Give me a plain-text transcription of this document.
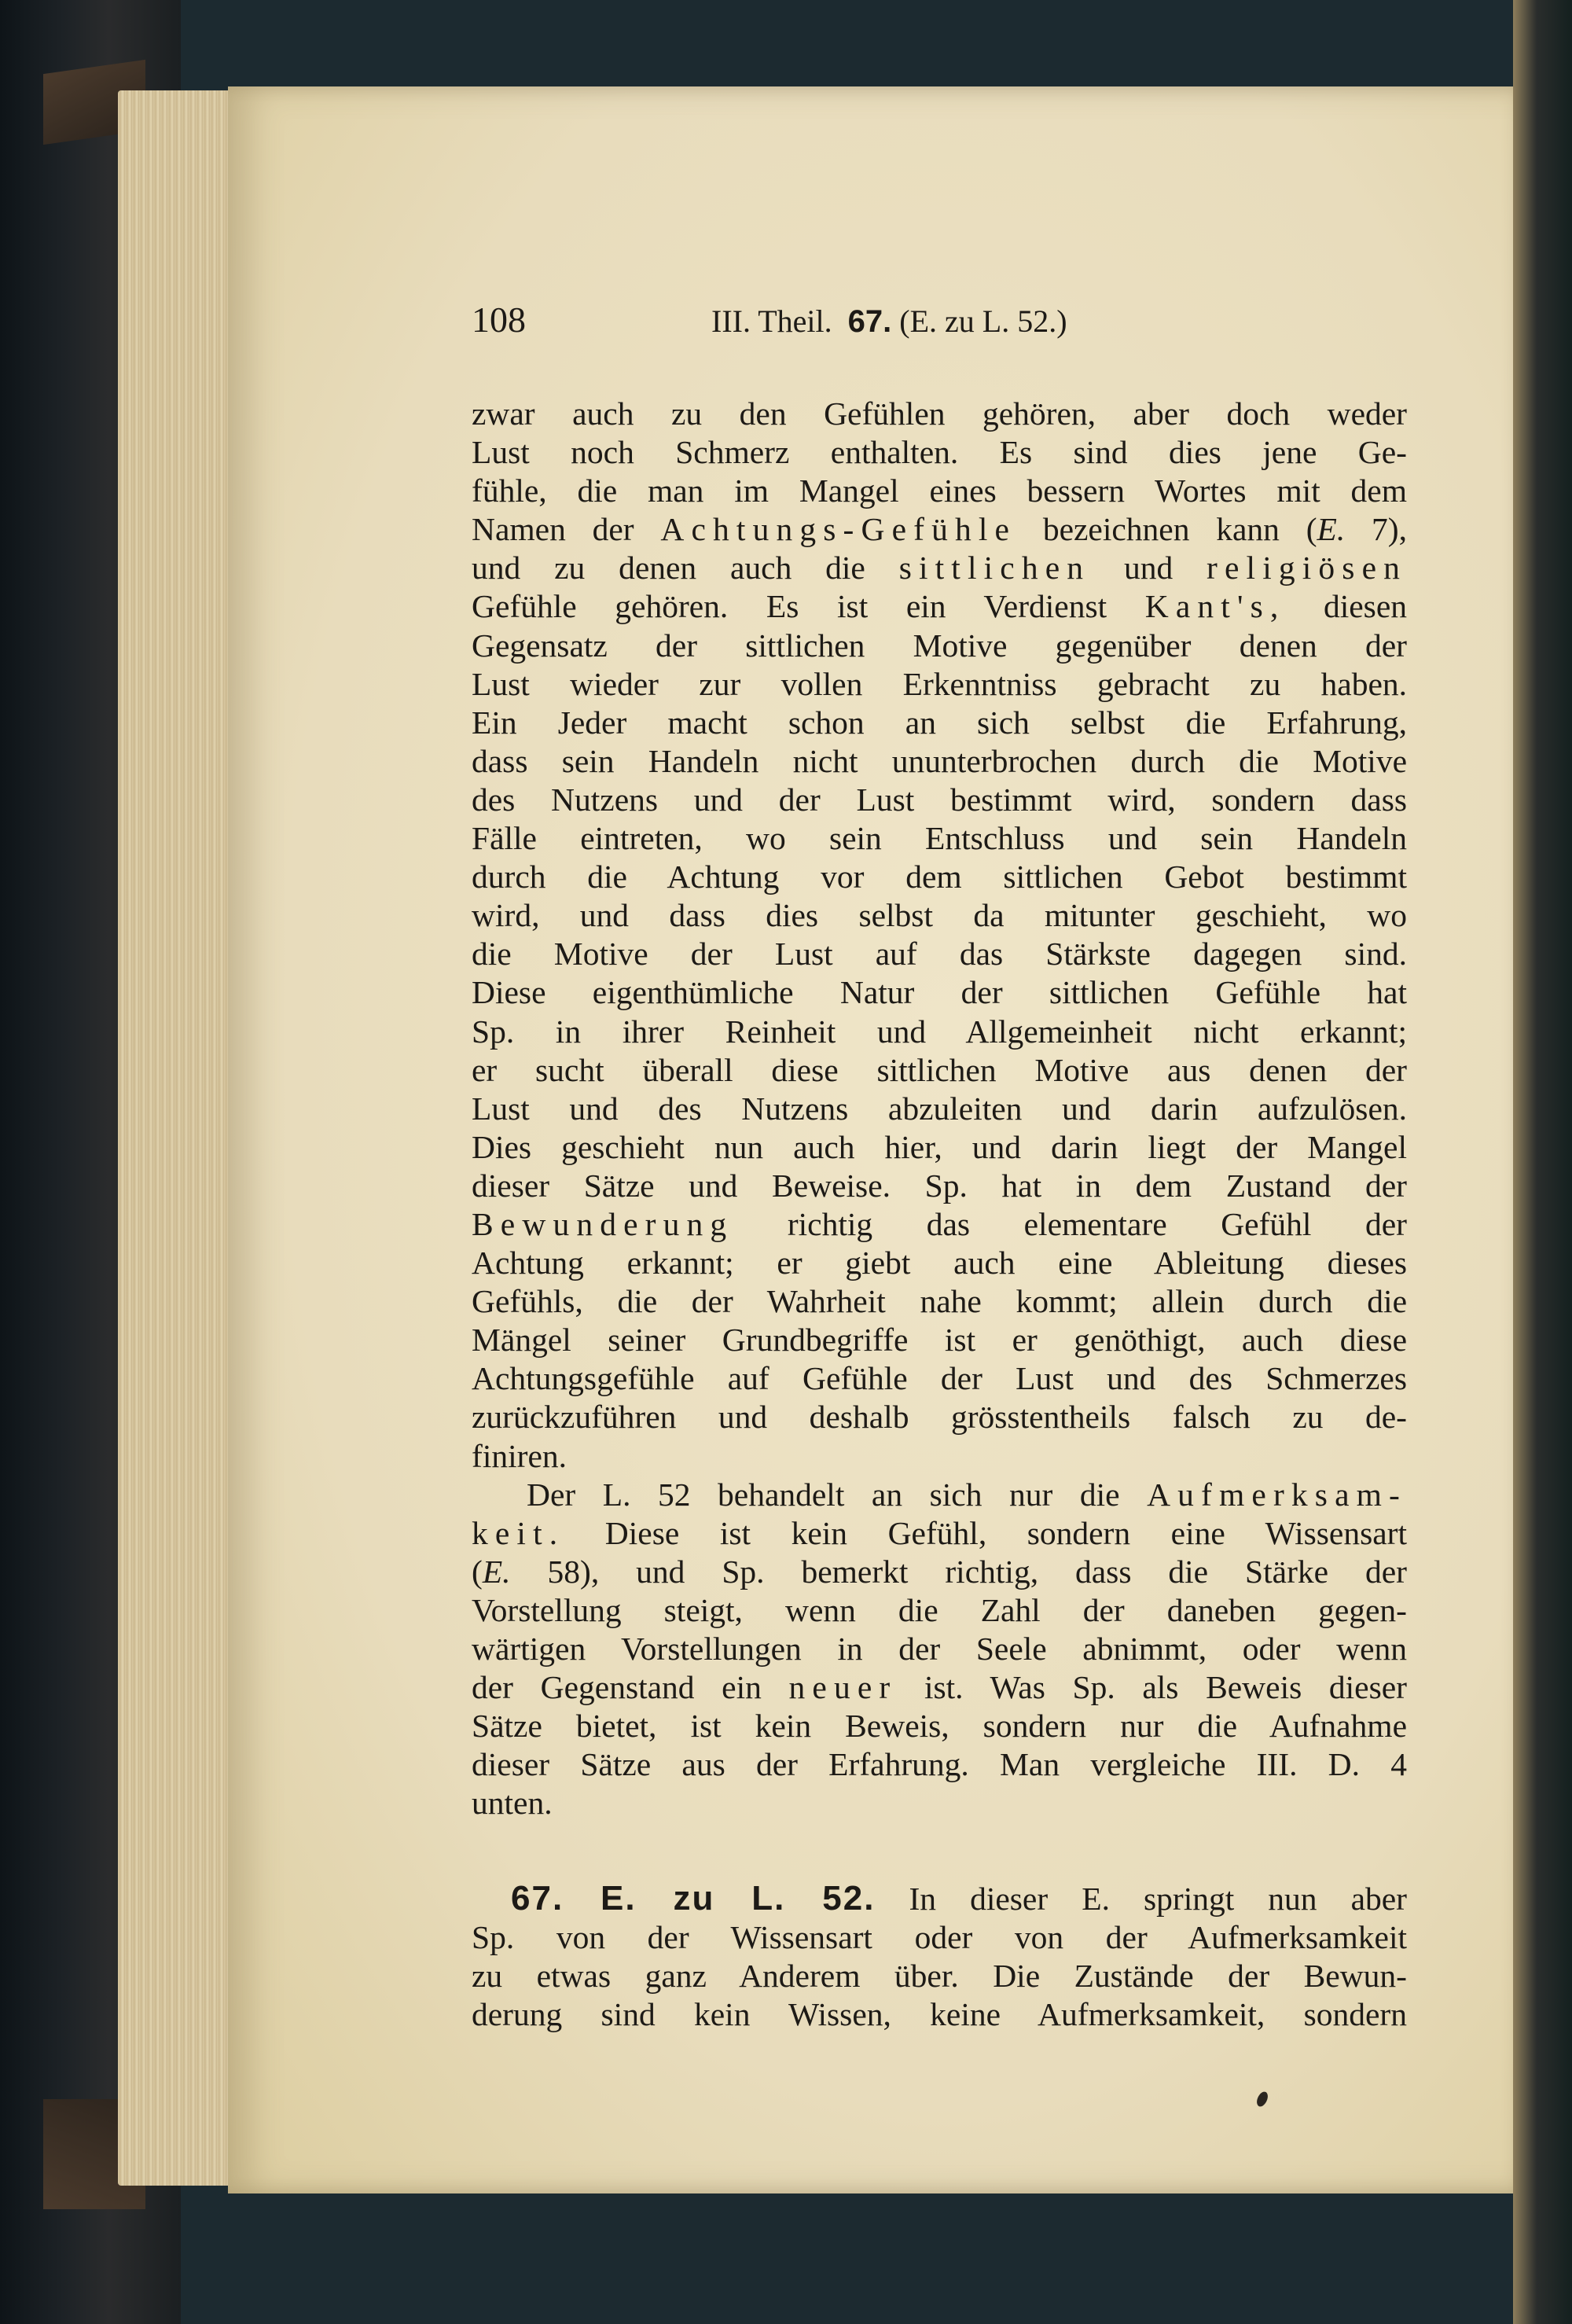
108	III. Theil. 67. (E. zu L. 52.)
zwar auch zu den Gefühlen gehören, aber doch weder
Lust noch Schmerz enthalten. Es sind dies jene Ge-
fühle, die man im Mangel eines bessern Wortes mit dem
Namen der Achtungs-Gefühle bezeichnen kann (E. 7),
und zu denen auch die sittlichen und religiösen
Gefühle gehören. Es ist ein Verdienst Kant's, diesen
Gegensatz der sittlichen Motive gegenüber denen der
Lust wieder zur vollen Erkenntniss gebracht zu haben.
Ein Jeder macht schon an sich selbst die Erfahrung,
dass sein Handeln nicht ununterbrochen durch die Motive
des Nutzens und der Lust bestimmt wird, sondern dass
Fälle eintreten, wo sein Entschluss und sein Handeln
durch die Achtung vor dem sittlichen Gebot bestimmt
wird, und dass dies selbst da mitunter geschieht, wo
die Motive der Lust auf das Stärkste dagegen sind.
Diese eigenthümliche Natur der sittlichen Gefühle hat
Sp. in ihrer Reinheit und Allgemeinheit nicht erkannt;
er sucht überall diese sittlichen Motive aus denen der
Lust und des Nutzens abzuleiten und darin aufzulösen.
Dies geschieht nun auch hier, und darin liegt der Mangel
dieser Sätze und Beweise. Sp. hat in dem Zustand der
Bewunderung richtig das elementare Gefühl der
Achtung erkannt; er giebt auch eine Ableitung dieses
Gefühls, die der Wahrheit nahe kommt; allein durch die
Mängel seiner Grundbegriffe ist er genöthigt, auch diese
Achtungsgefühle auf Gefühle der Lust und des Schmerzes
zurückzuführen und deshalb grösstentheils falsch zu de-
finiren.
Der L. 52 behandelt an sich nur die Aufmerksam-
keit. Diese ist kein Gefühl, sondern eine Wissensart
(E. 58), und Sp. bemerkt richtig, dass die Stärke der
Vorstellung steigt, wenn die Zahl der daneben gegen-
wärtigen Vorstellungen in der Seele abnimmt, oder wenn
der Gegenstand ein neuer ist. Was Sp. als Beweis dieser
Sätze bietet, ist kein Beweis, sondern nur die Aufnahme
dieser Sätze aus der Erfahrung. Man vergleiche III. D. 4
unten.
67. E. zu L. 52. In dieser E. springt nun aber
Sp. von der Wissensart oder von der Aufmerksamkeit
zu etwas ganz Anderem über. Die Zustände der Bewun-
derung sind kein Wissen, keine Aufmerksamkeit, sondern
